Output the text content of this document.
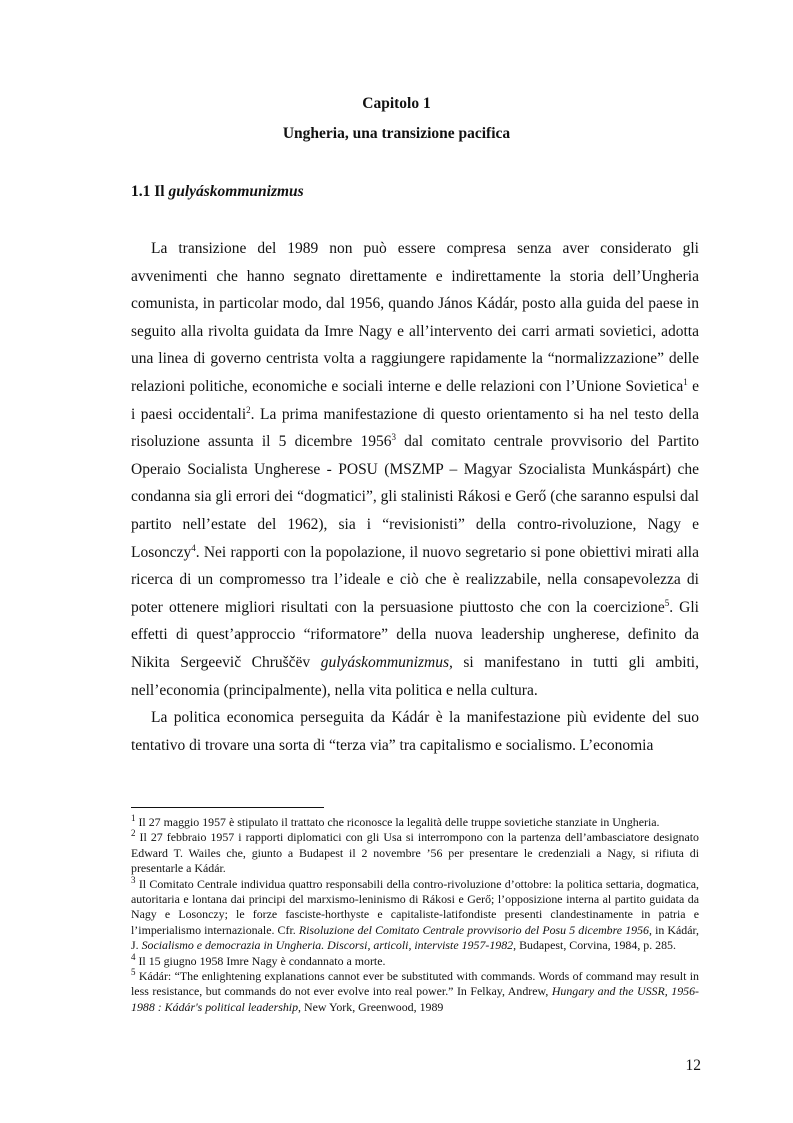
Capitolo 1
Ungheria, una transizione pacifica
1.1 Il gulyáskommunizmus

La transizione del 1989 non può essere compresa senza aver considerato gli avvenimenti che hanno segnato direttamente e indirettamente la storia dell’Ungheria comunista, in particolar modo, dal 1956, quando János Kádár, posto alla guida del paese in seguito alla rivolta guidata da Imre Nagy e all’intervento dei carri armati sovietici, adotta una linea di governo centrista volta a raggiungere rapidamente la “normalizzazione” delle relazioni politiche, economiche e sociali interne e delle relazioni con l’Unione Sovietica$^1$ e i paesi occidentali$^2$. La prima manifestazione di questo orientamento si ha nel testo della risoluzione assunta il 5 dicembre 1956$^3$ dal comitato centrale provvisorio del Partito Operaio Socialista Ungherese - POSU (MSZMP – Magyar Szocialista Munkáspárt) che condanna sia gli errori dei “dogmatici”, gli stalinisti Rákosi e Gerő (che saranno espulsi dal partito nell’estate del 1962), sia i “revisionisti” della contro-rivoluzione, Nagy e Losonczy$^4$. Nei rapporti con la popolazione, il nuovo segretario si pone obiettivi mirati alla ricerca di un compromesso tra l’ideale e ciò che è realizzabile, nella consapevolezza di poter ottenere migliori risultati con la persuasione piuttosto che con la coercizione$^5$. Gli effetti di quest’approccio “riformatore” della nuova leadership ungherese, definito da Nikita Sergeevič Chruščëv gulyáskommunizmus, si manifestano in tutti gli ambiti, nell’economia (principalmente), nella vita politica e nella cultura.

La politica economica perseguita da Kádár è la manifestazione più evidente del suo tentativo di trovare una sorta di “terza via” tra capitalismo e socialismo. L’economia

$^1$ Il 27 maggio 1957 è stipulato il trattato che riconosce la legalità delle truppe sovietiche stanziate in Ungheria.

$^2$ Il 27 febbraio 1957 i rapporti diplomatici con gli Usa si interrompono con la partenza dell’ambasciatore designato Edward T. Wailes che, giunto a Budapest il 2 novembre ’56 per presentare le credenziali a Nagy, si rifiuta di presentarle a Kádár.

$^3$ Il Comitato Centrale individua quattro responsabili della contro-rivoluzione d’ottobre: la politica settaria, dogmatica, autoritaria e lontana dai principi del marxismo-leninismo di Rákosi e Gerő; l’opposizione interna al partito guidata da Nagy e Losonczy; le forze fasciste-horthyste e capitaliste-latifondiste presenti clandestinamente in patria e l’imperialismo internazionale. Cfr. Risoluzione del Comitato Centrale provvisorio del Posu 5 dicembre 1956, in Kádár, J. Socialismo e democrazia in Ungheria. Discorsi, articoli, interviste 1957-1982, Budapest, Corvina, 1984, p. 285.

$^4$ Il 15 giugno 1958 Imre Nagy è condannato a morte.

$^5$ Kádár: “The enlightening explanations cannot ever be substituted with commands. Words of command may result in less resistance, but commands do not ever evolve into real power.” In Felkay, Andrew, Hungary and the USSR, 1956-1988 : Kádár's political leadership, New York, Greenwood, 1989

12
